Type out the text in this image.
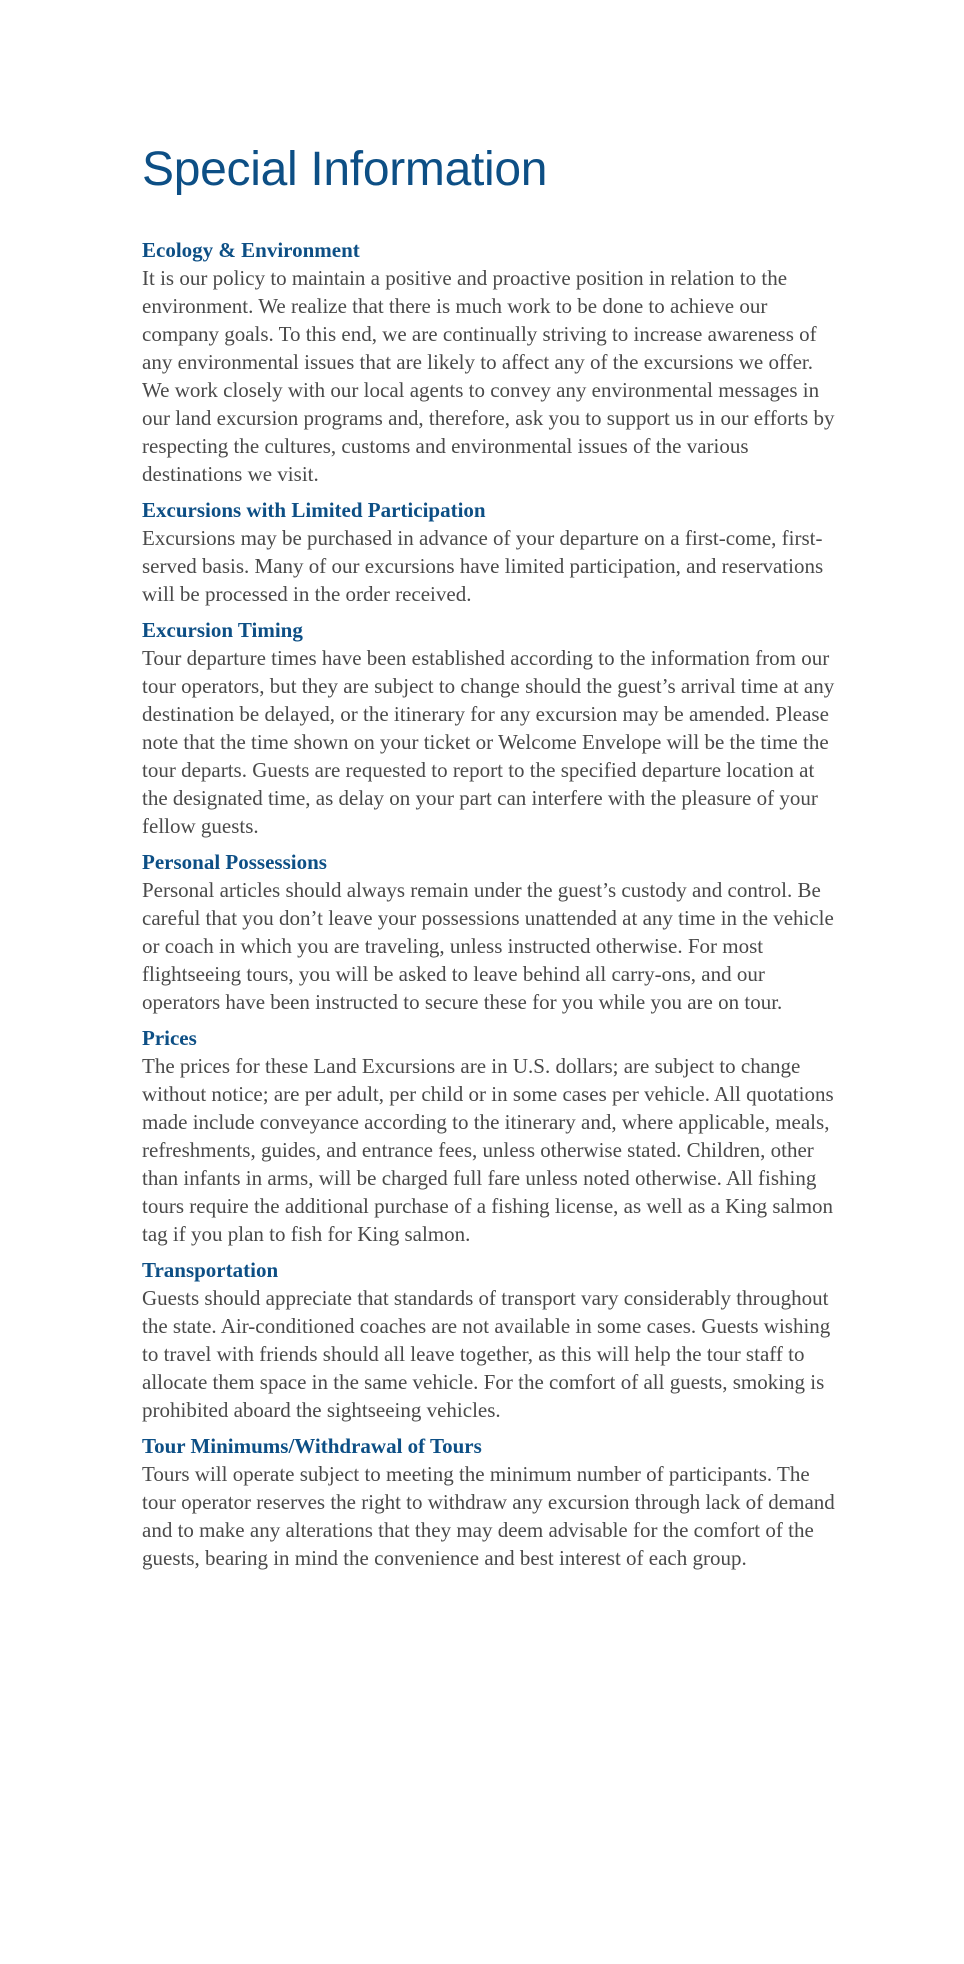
Special Information
Ecology & Environment

It is our policy to maintain a positive and proactive position in relation to the environment. We realize that there is much work to be done to achieve our company goals. To this end, we are continually striving to increase awareness of any environmental issues that are likely to affect any of the excursions we offer. We work closely with our local agents to convey any environmental messages in our land excursion programs and, therefore, ask you to support us in our efforts by respecting the cultures, customs and environmental issues of the various destinations we visit.

Excursions with Limited Participation

Excursions may be purchased in advance of your departure on a first-come, first-served basis. Many of our excursions have limited participation, and reservations will be processed in the order received.

Excursion Timing

Tour departure times have been established according to the information from our tour operators, but they are subject to change should the guest’s arrival time at any destination be delayed, or the itinerary for any excursion may be amended. Please note that the time shown on your ticket or Welcome Envelope will be the time the tour departs. Guests are requested to report to the specified departure location at the designated time, as delay on your part can interfere with the pleasure of your fellow guests.

Personal Possessions

Personal articles should always remain under the guest’s custody and control. Be careful that you don’t leave your possessions unattended at any time in the vehicle or coach in which you are traveling, unless instructed otherwise. For most flightseeing tours, you will be asked to leave behind all carry-ons, and our operators have been instructed to secure these for you while you are on tour.

Prices

The prices for these Land Excursions are in U.S. dollars; are subject to change without notice; are per adult, per child or in some cases per vehicle. All quotations made include conveyance according to the itinerary and, where applicable, meals, refreshments, guides, and entrance fees, unless otherwise stated. Children, other than infants in arms, will be charged full fare unless noted otherwise. All fishing tours require the additional purchase of a fishing license, as well as a King salmon tag if you plan to fish for King salmon.

Transportation

Guests should appreciate that standards of transport vary considerably throughout the state. Air-conditioned coaches are not available in some cases. Guests wishing to travel with friends should all leave together, as this will help the tour staff to allocate them space in the same vehicle. For the comfort of all guests, smoking is prohibited aboard the sightseeing vehicles.

Tour Minimums/Withdrawal of Tours

Tours will operate subject to meeting the minimum number of participants. The tour operator reserves the right to withdraw any excursion through lack of demand and to make any alterations that they may deem advisable for the comfort of the guests, bearing in mind the convenience and best interest of each group.
